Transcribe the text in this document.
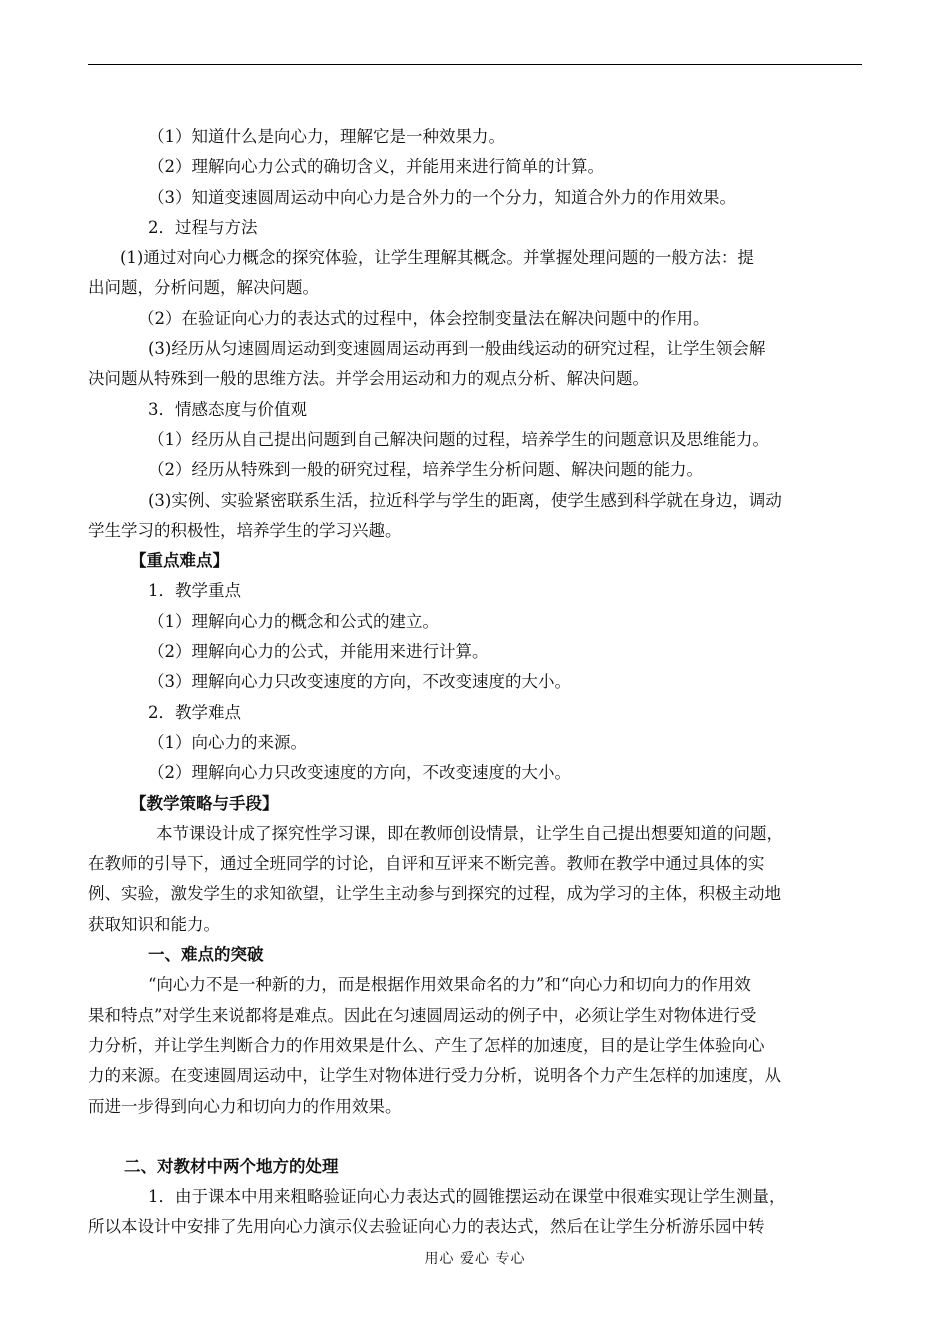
（1）知道什么是向心力，理解它是一种效果力。

（2）理解向心力公式的确切含义，并能用来进行简单的计算。

（3）知道变速圆周运动中向心力是合外力的一个分力，知道合外力的作用效果。

2．过程与方法

(1)通过对向心力概念的探究体验，让学生理解其概念。并掌握处理问题的一般方法：提

出问题，分析问题，解决问题。

（2）在验证向心力的表达式的过程中，体会控制变量法在解决问题中的作用。

(3)经历从匀速圆周运动到变速圆周运动再到一般曲线运动的研究过程，让学生领会解

决问题从特殊到一般的思维方法。并学会用运动和力的观点分析、解决问题。

3．情感态度与价值观

（1）经历从自己提出问题到自己解决问题的过程，培养学生的问题意识及思维能力。

（2）经历从特殊到一般的研究过程，培养学生分析问题、解决问题的能力。

(3)实例、实验紧密联系生活，拉近科学与学生的距离，使学生感到科学就在身边，调动

学生学习的积极性，培养学生的学习兴趣。

【重点难点】

1．教学重点

（1）理解向心力的概念和公式的建立。

（2）理解向心力的公式，并能用来进行计算。

（3）理解向心力只改变速度的方向，不改变速度的大小。

2．教学难点

（1）向心力的来源。

（2）理解向心力只改变速度的方向，不改变速度的大小。

【教学策略与手段】

本节课设计成了探究性学习课，即在教师创设情景，让学生自己提出想要知道的问题，

在教师的引导下，通过全班同学的讨论，自评和互评来不断完善。教师在教学中通过具体的实

例、实验，激发学生的求知欲望，让学生主动参与到探究的过程，成为学习的主体，积极主动地

获取知识和能力。

一、难点的突破

“向心力不是一种新的力，而是根据作用效果命名的力”和“向心力和切向力的作用效

果和特点”对学生来说都将是难点。因此在匀速圆周运动的例子中，必须让学生对物体进行受

力分析，并让学生判断合力的作用效果是什么、产生了怎样的加速度，目的是让学生体验向心

力的来源。在变速圆周运动中，让学生对物体进行受力分析，说明各个力产生怎样的加速度，从

而进一步得到向心力和切向力的作用效果。

二、对教材中两个地方的处理

1．由于课本中用来粗略验证向心力表达式的圆锥摆运动在课堂中很难实现让学生测量，

所以本设计中安排了先用向心力演示仪去验证向心力的表达式，然后在让学生分析游乐园中转

用心 爱心 专心
